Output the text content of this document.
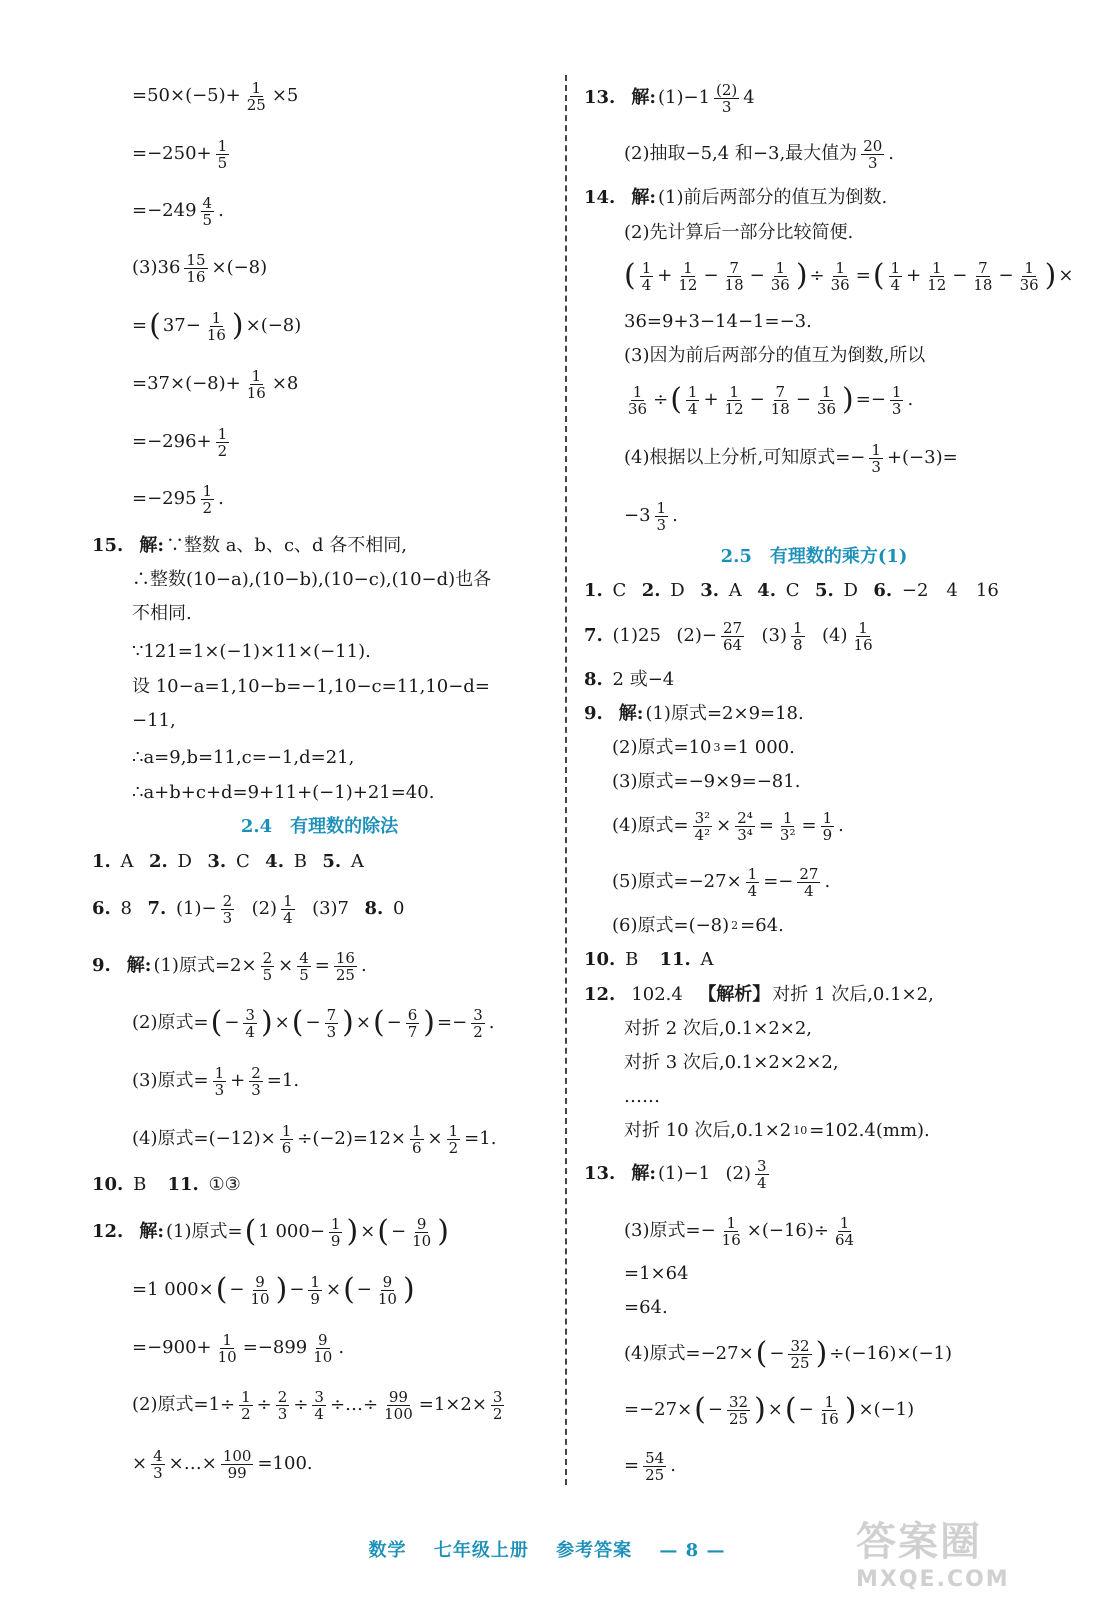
$=50\times(-5)+ \frac{1}{25} \times 5$
$=-250+ \frac{1}{5}$
$=-249 \frac{4}{5}$ .
$(3)36 \frac{15}{16} \times(-8)$
= ( $37- \frac{1}{16}$ ) ×(−8)
$=37\times(-8)+ \frac{1}{16} \times 8$
$=-296+ \frac{1}{2}$
$=-295 \frac{1}{2}$ .
15. 解: ∵整数 a、b、c、d 各不相同,
∴整数(10−a),(10−b),(10−c),(10−d)也各
不相同.
∵121=1×(−1)×11×(−11).
设 10−a=1,10−b=−1,10−c=11,10−d=
−11,
∴a=9,b=11,c=−1,d=21,
∴a+b+c+d=9+11+(−1)+21=40.
2.4　有理数的除法
1.
A
2.
D
3.
C
4.
B
5.
A
6.
8
7.
$(1)- \frac{2}{3}$
$(2) \frac{1}{4}$
(3)7
8.
0
9. 解: (1)原式$=2\times \frac{2}{5} \times \frac{4}{5} = \frac{16}{25}$ .
(2)原式= ( − $\frac{3}{4}$ ) × ( − $\frac{7}{3}$ ) × ( − $\frac{6}{7}$ ) =− $\frac{3}{2}$ .
(3)原式= $\frac{1}{3} + \frac{2}{3} =1$.
(4)原式$=(-12)\times \frac{1}{6} \div(-2)=12\times \frac{1}{6} \times \frac{1}{2} =1$.
10.
B
11.
①③
12. 解: (1)原式= ( 1 $000- \frac{1}{9}$ ) × ( − $\frac{9}{10}$ )
=1 000× ( − $\frac{9}{10}$ ) − $\frac{1}{9}$ × ( − $\frac{9}{10}$ )
$=-900+ \frac{1}{10} =-899 \frac{9}{10}$ .
(2)原式$=1\div \frac{1}{2} \div \frac{2}{3} \div \frac{3}{4}$ ÷…÷ $\frac{99}{100} =1\times 2\times \frac{3}{2}$
× $\frac{4}{3}$ ×…× $\frac{100}{99} =100$.
13. 解: $(1)-1 \frac{(2)}{3} 4$
(2)抽取−5,4 和−3,最大值为 $\frac{20}{3}$ .
14. 解: (1)前后两部分的值互为倒数.
(2)先计算后一部分比较简便.
( $\frac{1}{4} + \frac{1}{12} - \frac{7}{18} - \frac{1}{36}$ ) ÷ $\frac{1}{36}$ = ( $\frac{1}{4} + \frac{1}{12} - \frac{7}{18} - \frac{1}{36}$ ) ×
36=9+3−14−1=−3.
(3)因为前后两部分的值互为倒数,所以
$\frac{1}{36}$ ÷ ( $\frac{1}{4} + \frac{1}{12} - \frac{7}{18} - \frac{1}{36}$ ) =− $\frac{1}{3}$ .
(4)根据以上分析,可知原式=− $\frac{1}{3} +(-3)=$
$-3 \frac{1}{3}$ .
2.5　有理数的乘方(1)
1.
C
2.
D
3.
A
4.
C
5.
D
6.
−2　4　16
7.
(1)25
$(2)- \frac{27}{64}$
$(3) \frac{1}{8}$
$(4) \frac{1}{16}$
8.
2 或−4
9. 解: (1)原式=2×9=18.
(2)原式=10 3 =1 000.
(3)原式=−9×9=−81.
(4)原式= $\frac{\text{3²}}{\text{4²}} \times \frac{\text{2⁴}}{\text{3⁴}} = \frac{1}{\text{3²}} = \frac{1}{9}$ .
(5)原式$=-27\times \frac{1}{4} =- \frac{27}{4}$ .
(6)原式=(−8) 2 =64.
10.
B
11.
A
12. 102.4
【解析】 对折 1 次后,0.1×2,
对折 2 次后,0.1×2×2,
对折 3 次后,0.1×2×2×2,
……
对折 10 次后,0.1×2 10 =102.4(mm).
13. 解: (1)−1
$(2) \frac{3}{4}$
(3)原式=− $\frac{1}{16} \times(-16)\div \frac{1}{64}$
=1×64
=64.
(4)原式=−27× ( − $\frac{32}{25}$ ) ÷(−16)×(−1)
=−27× ( − $\frac{32}{25}$ ) × ( − $\frac{1}{16}$ ) ×(−1)
= $\frac{54}{25}$ .
数学 七年级上册 参考答案 — 8 —	答案圈
MXQE.COM
